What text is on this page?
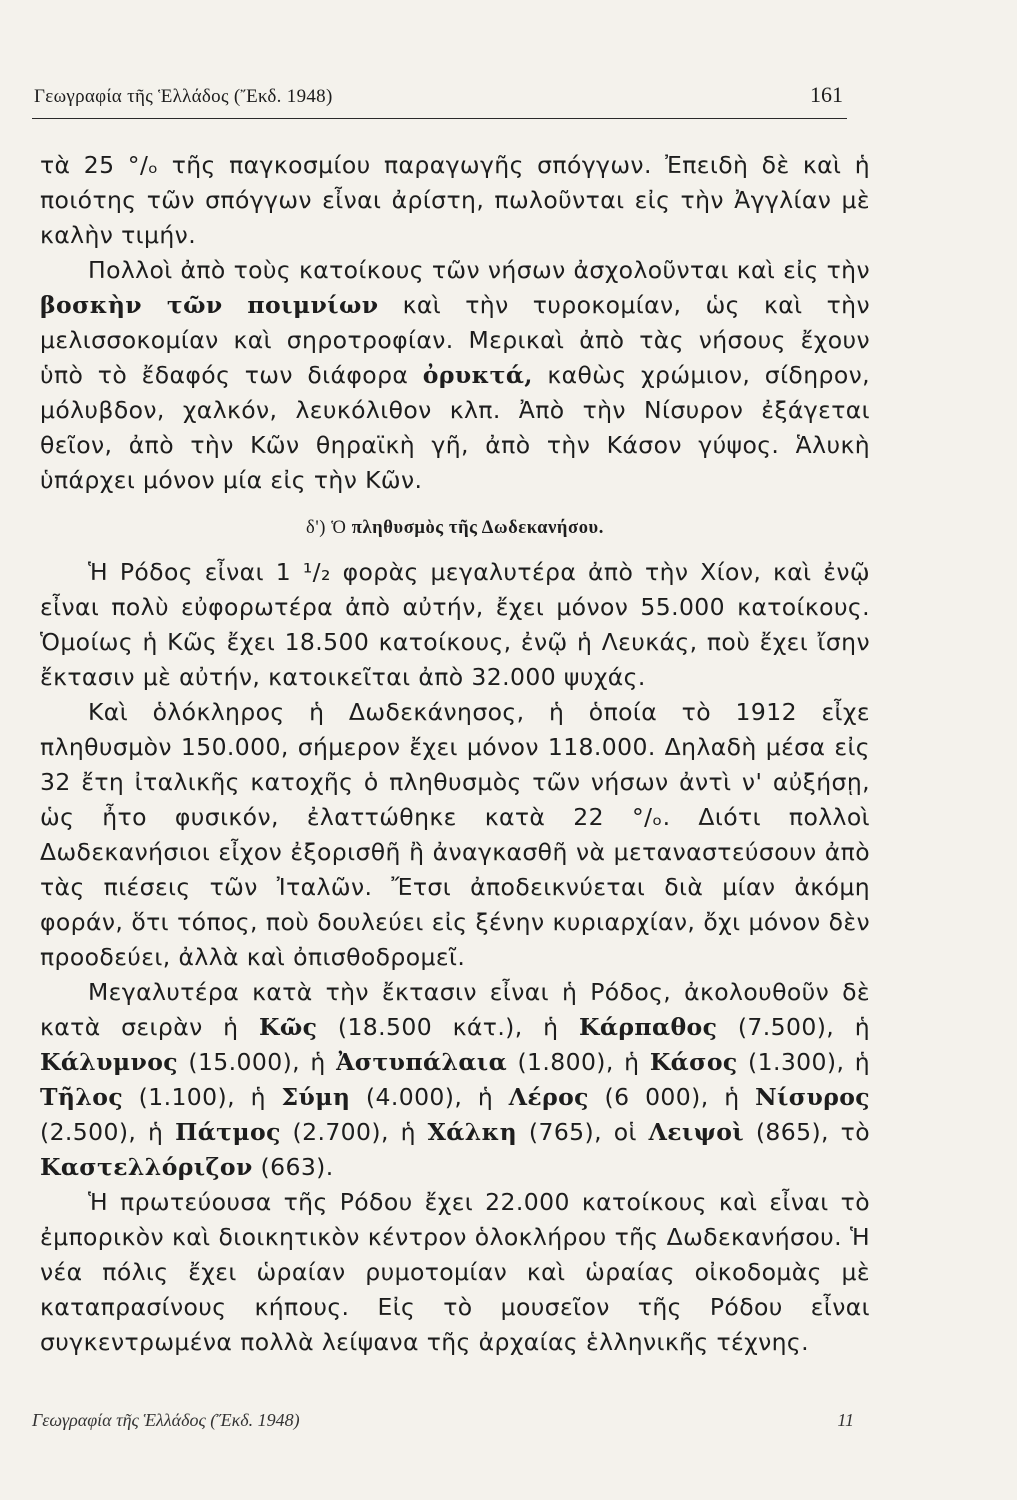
Γεωγραφία τῆς Ἑλλάδος (Ἔκδ. 1948)	161

τὰ 25 °/ₒ τῆς παγκοσμίου παραγωγῆς σπόγγων. Ἐπειδὴ δὲ καὶ ἡ ποιότης τῶν σπόγγων εἶναι ἀρίστη, πωλοῦνται εἰς τὴν Ἀγγλίαν μὲ καλὴν τιμήν.

Πολλοὶ ἀπὸ τοὺς κατοίκους τῶν νήσων ἀσχολοῦνται καὶ εἰς τὴν βοσκὴν τῶν ποιμνίων καὶ τὴν τυροκομίαν, ὡς καὶ τὴν μελισσοκομίαν καὶ σηροτροφίαν. Μερικαὶ ἀπὸ τὰς νήσους ἔχουν ὑπὸ τὸ ἔδαφός των διάφορα ὀρυκτά, καθὼς χρώμιον, σίδηρον, μόλυβδον, χαλκόν, λευκόλιθον κλπ. Ἀπὸ τὴν Νίσυρον ἐξάγεται θεῖον, ἀπὸ τὴν Κῶν θηραϊκὴ γῆ, ἀπὸ τὴν Κάσον γύψος. Ἁλυκὴ ὑπάρχει μόνον μία εἰς τὴν Κῶν.

δ') Ὁ πληθυσμὸς τῆς Δωδεκανήσου.

Ἡ Ρόδος εἶναι 1 ¹/₂ φορὰς μεγαλυτέρα ἀπὸ τὴν Χίον, καὶ ἐνῷ εἶναι πολὺ εὐφορωτέρα ἀπὸ αὐτήν, ἔχει μόνον 55.000 κατοίκους. Ὁμοίως ἡ Κῶς ἔχει 18.500 κατοίκους, ἐνῷ ἡ Λευκάς, ποὺ ἔχει ἴσην ἔκτασιν μὲ αὐτήν, κατοικεῖται ἀπὸ 32.000 ψυχάς.

Καὶ ὁλόκληρος ἡ Δωδεκάνησος, ἡ ὁποία τὸ 1912 εἶχε πληθυσμὸν 150.000, σήμερον ἔχει μόνον 118.000. Δηλαδὴ μέσα εἰς 32 ἔτη ἰταλικῆς κατοχῆς ὁ πληθυσμὸς τῶν νήσων ἀντὶ ν' αὐξήσῃ, ὡς ἦτο φυσικόν, ἐλαττώθηκε κατὰ 22 °/ₒ. Διότι πολλοὶ Δωδεκανήσιοι εἶχον ἐξορισθῆ ἢ ἀναγκασθῆ νὰ μεταναστεύσουν ἀπὸ τὰς πιέσεις τῶν Ἰταλῶν. Ἔτσι ἀποδεικνύεται διὰ μίαν ἀκόμη φοράν, ὅτι τόπος, ποὺ δουλεύει εἰς ξένην κυριαρχίαν, ὄχι μόνον δὲν προοδεύει, ἀλλὰ καὶ ὀπισθοδρομεῖ.

Μεγαλυτέρα κατὰ τὴν ἔκτασιν εἶναι ἡ Ρόδος, ἀκολουθοῦν δὲ κατὰ σειρὰν ἡ Κῶς (18.500 κάτ.), ἡ Κάρπαθος (7.500), ἡ Κάλυμνος (15.000), ἡ Ἀστυπάλαια (1.800), ἡ Κάσος (1.300), ἡ Τῆλος (1.100), ἡ Σύμη (4.000), ἡ Λέρος (6 000), ἡ Νίσυρος (2.500), ἡ Πάτμος (2.700), ἡ Χάλκη (765), οἱ Λειψοὶ (865), τὸ Καστελλόριζον (663).

Ἡ πρωτεύουσα τῆς Ρόδου ἔχει 22.000 κατοίκους καὶ εἶναι τὸ ἐμπορικὸν καὶ διοικητικὸν κέντρον ὁλοκλήρου τῆς Δωδεκανήσου. Ἡ νέα πόλις ἔχει ὡραίαν ρυμοτομίαν καὶ ὡραίας οἰκοδομὰς μὲ καταπρασίνους κήπους. Εἰς τὸ μουσεῖον τῆς Ρόδου εἶναι συγκεντρωμένα πολλὰ λείψανα τῆς ἀρχαίας ἑλληνικῆς τέχνης.

Γεωγραφία τῆς Ἑλλάδος (Ἔκδ. 1948)	11
